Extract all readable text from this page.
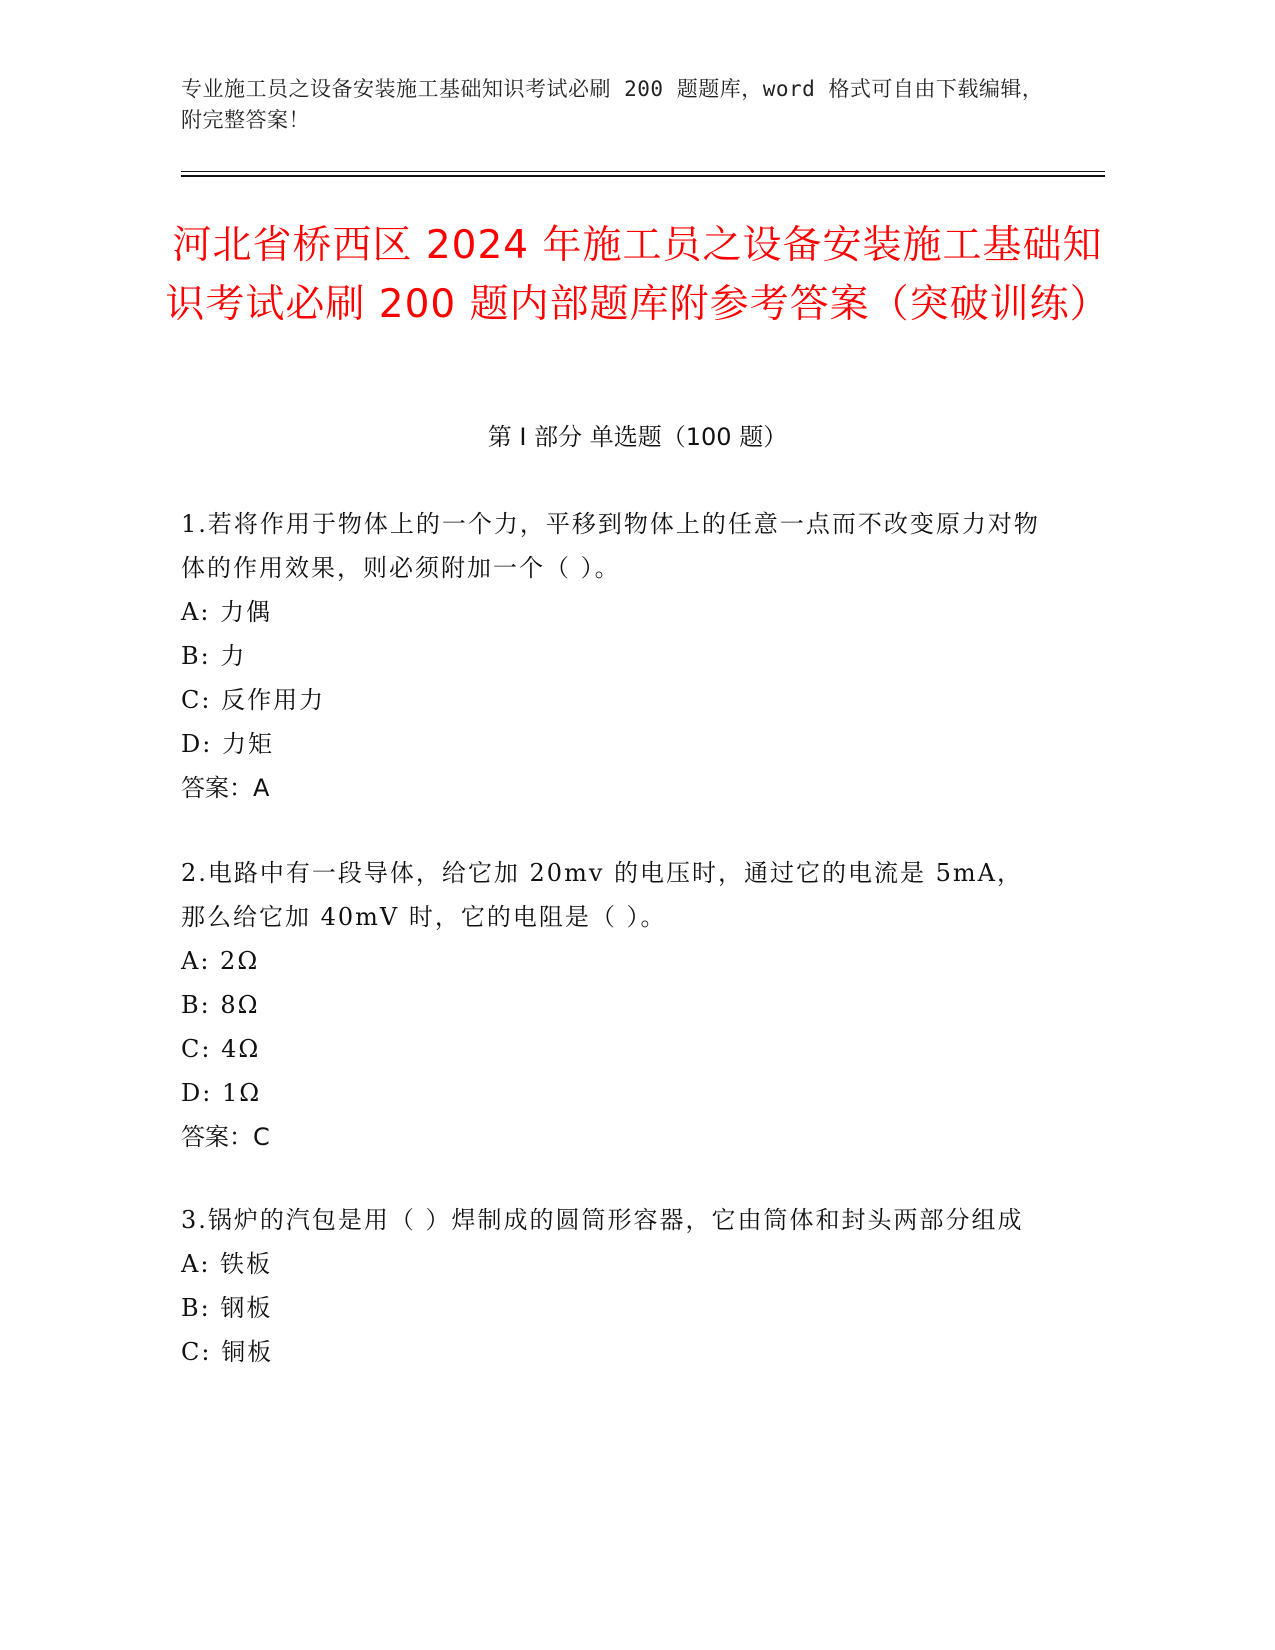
专业施工员之设备安装施工基础知识考试必刷 200 题题库，word 格式可自由下载编辑，附完整答案！

河北省桥西区 2024 年施工员之设备安装施工基础知识考试必刷 200 题内部题库附参考答案（突破训练）
第 I 部分 单选题（100 题）

1.若将作用于物体上的一个力，平移到物体上的任意一点而不改变原力对物体的作用效果，则必须附加一个（ ）。

A: 力偶

B: 力

C: 反作用力

D: 力矩

答案：A

2.电路中有一段导体，给它加 20mv 的电压时，通过它的电流是 5mA，那么给它加 40mV 时，它的电阻是（ ）。

A: 2Ω

B: 8Ω

C: 4Ω

D: 1Ω

答案：C

3.锅炉的汽包是用（ ）焊制成的圆筒形容器，它由筒体和封头两部分组成

A: 铁板

B: 钢板

C: 铜板
